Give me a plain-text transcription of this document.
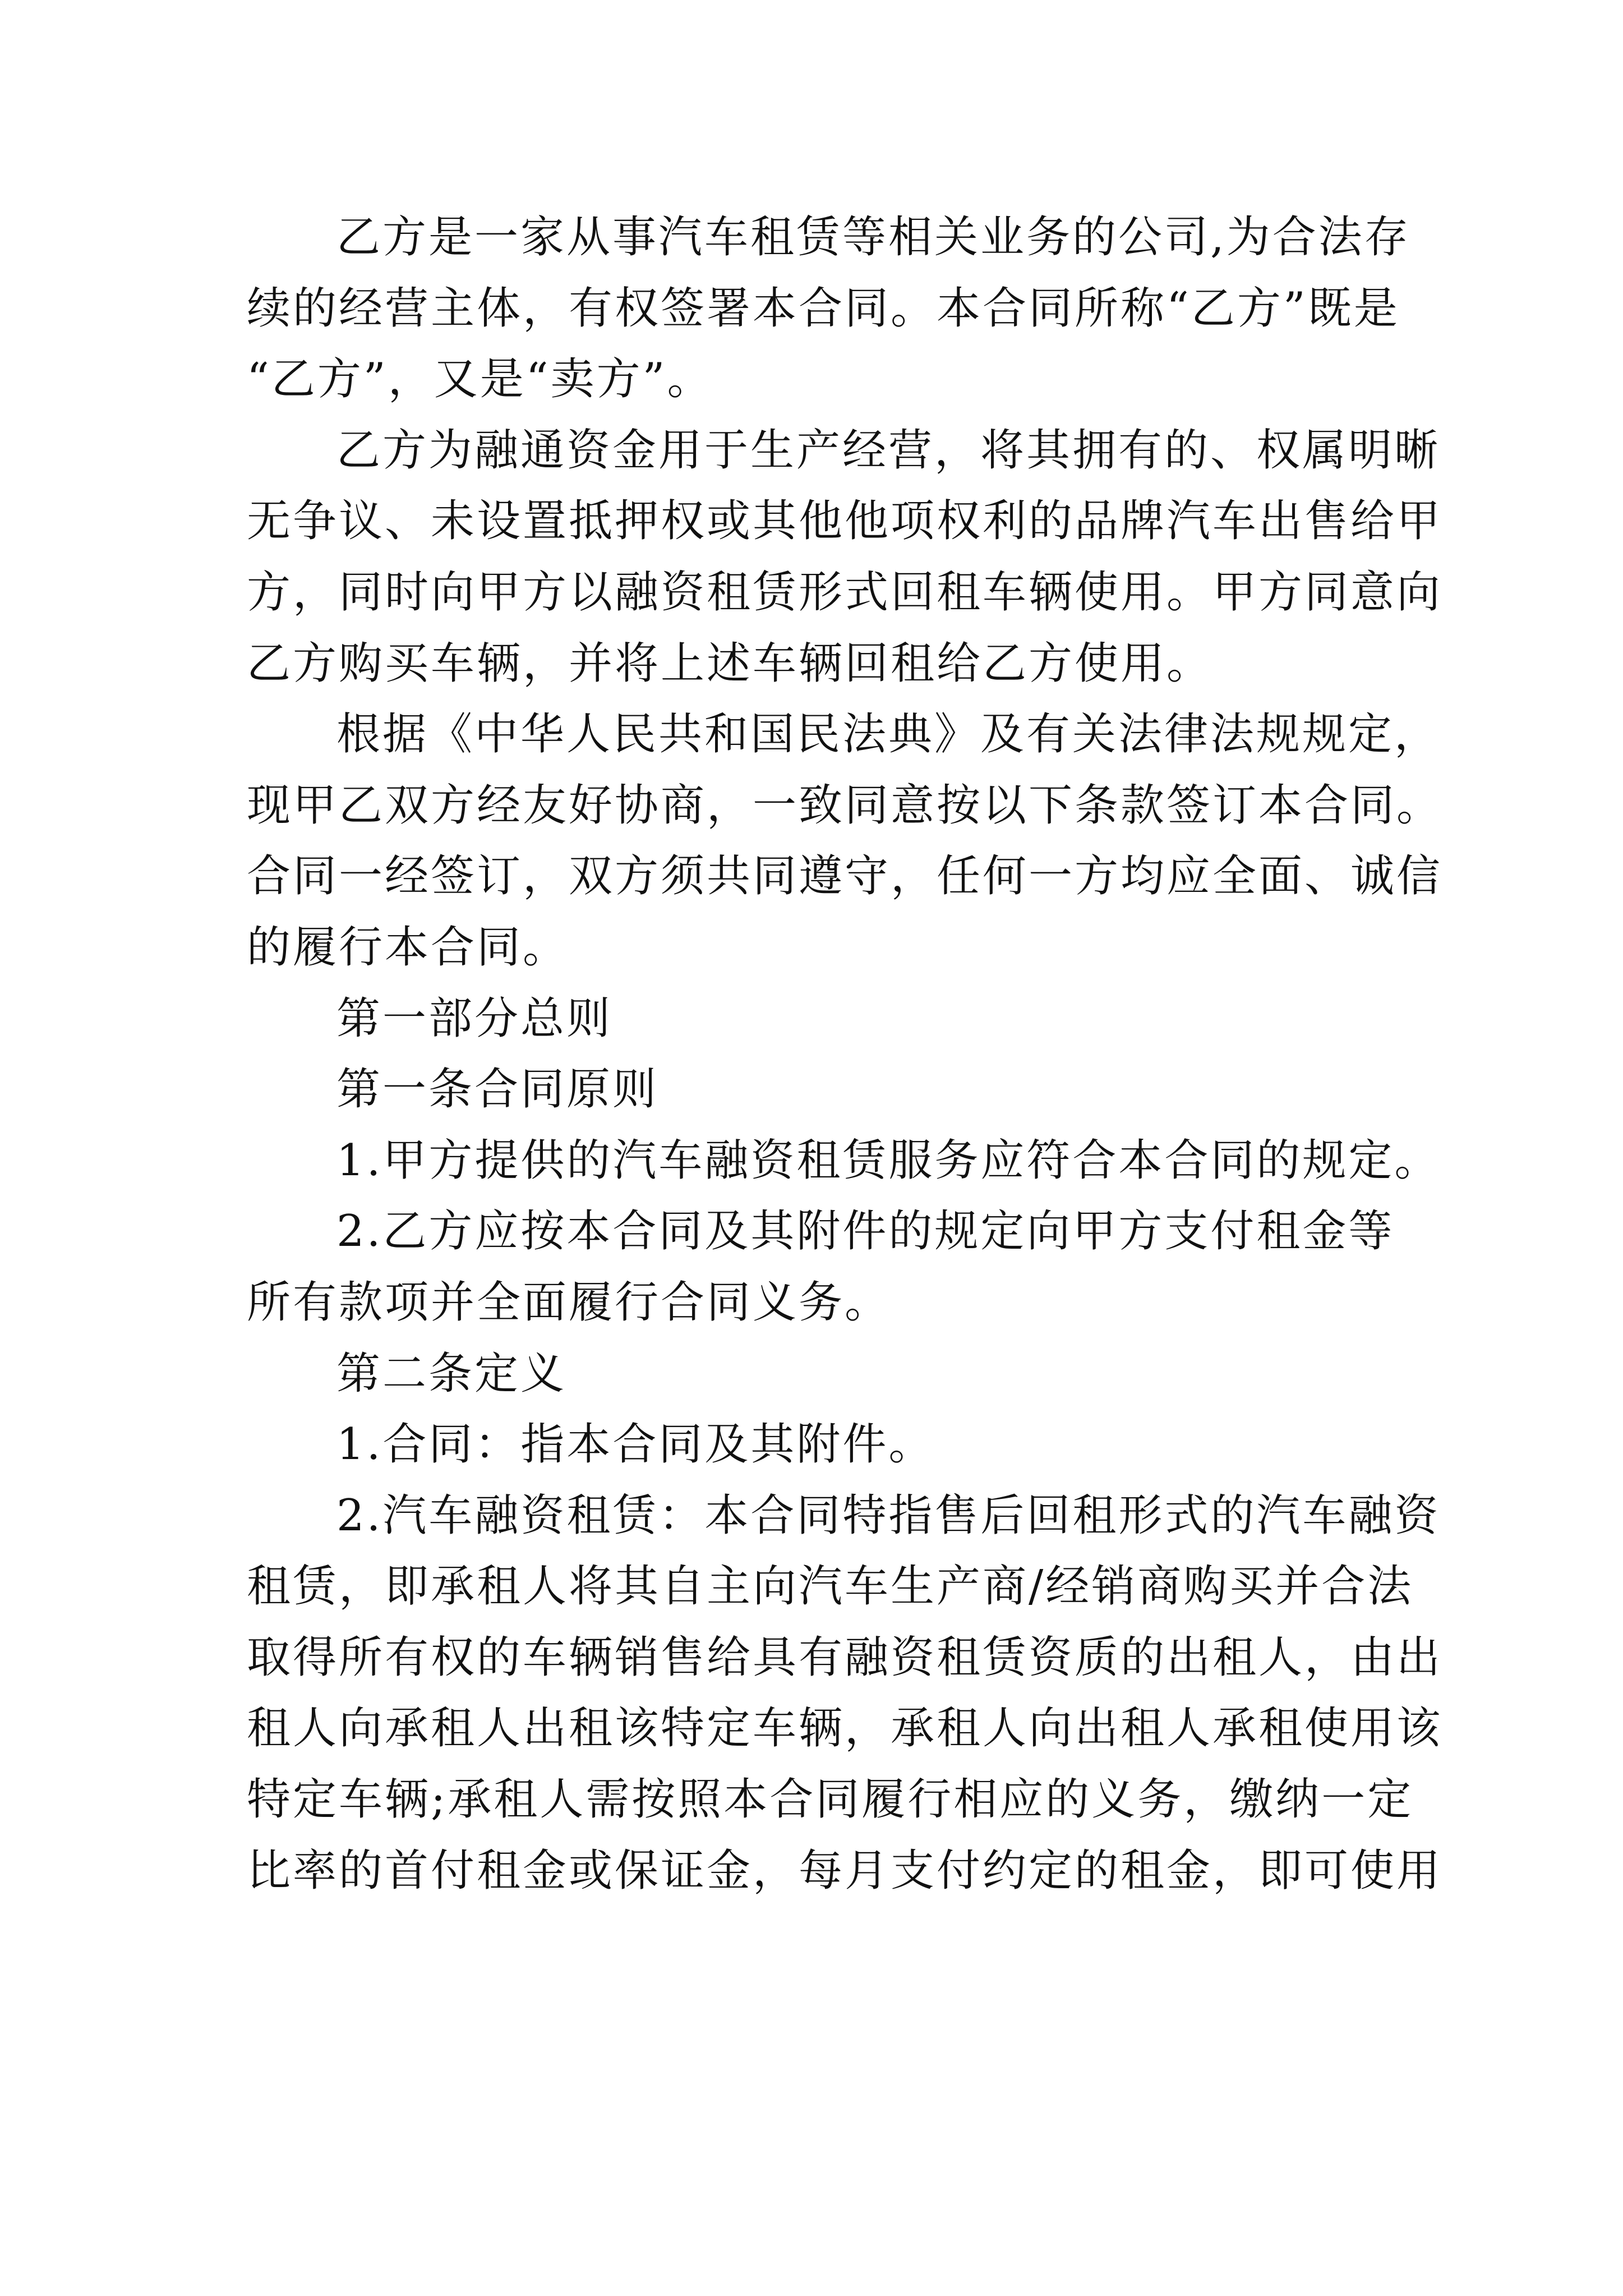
乙方是一家从事汽车租赁等相关业务的公司,为合法存
续的经营主体，有权签署本合同。本合同所称“乙方”既是
“乙方”，又是“卖方”。
乙方为融通资金用于生产经营，将其拥有的、权属明晰
无争议、未设置抵押权或其他他项权利的品牌汽车出售给甲
方，同时向甲方以融资租赁形式回租车辆使用。甲方同意向
乙方购买车辆，并将上述车辆回租给乙方使用。
根据《中华人民共和国民法典》及有关法律法规规定，
现甲乙双方经友好协商，一致同意按以下条款签订本合同。
合同一经签订，双方须共同遵守，任何一方均应全面、诚信
的履行本合同。
第一部分总则
第一条合同原则
1.甲方提供的汽车融资租赁服务应符合本合同的规定。
2.乙方应按本合同及其附件的规定向甲方支付租金等
所有款项并全面履行合同义务。
第二条定义
1.合同：指本合同及其附件。
2.汽车融资租赁：本合同特指售后回租形式的汽车融资
租赁，即承租人将其自主向汽车生产商/经销商购买并合法
取得所有权的车辆销售给具有融资租赁资质的出租人，由出
租人向承租人出租该特定车辆，承租人向出租人承租使用该
特定车辆;承租人需按照本合同履行相应的义务，缴纳一定
比率的首付租金或保证金，每月支付约定的租金，即可使用
